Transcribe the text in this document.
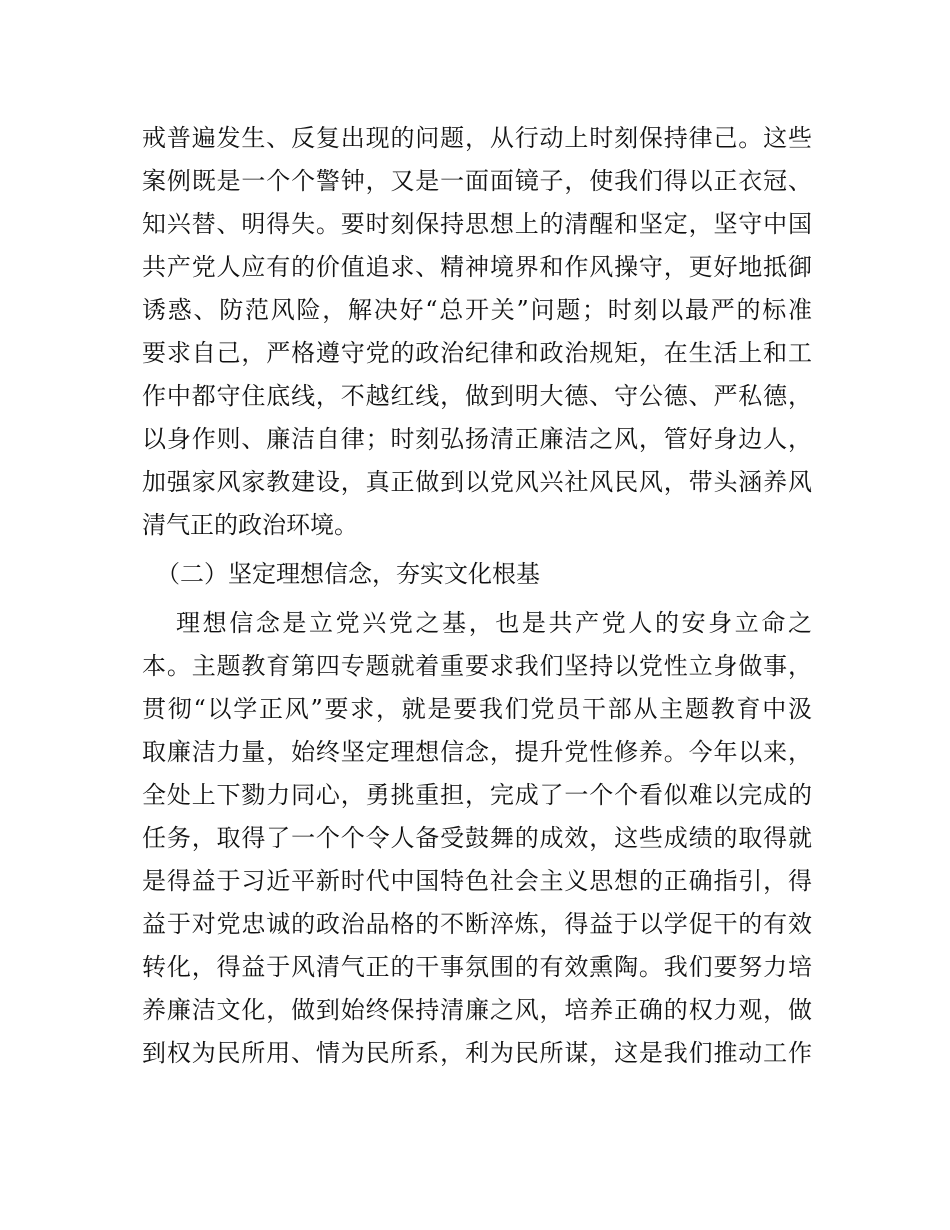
戒普遍发生、反复出现的问题，从行动上时刻保持律己。这些
案例既是一个个警钟，又是一面面镜子，使我们得以正衣冠、
知兴替、明得失。要时刻保持思想上的清醒和坚定，坚守中国
共产党人应有的价值追求、精神境界和作风操守，更好地抵御
诱惑、防范风险，解决好“总开关”问题；时刻以最严的标准
要求自己，严格遵守党的政治纪律和政治规矩，在生活上和工
作中都守住底线，不越红线，做到明大德、守公德、严私德，
以身作则、廉洁自律；时刻弘扬清正廉洁之风，管好身边人，
加强家风家教建设，真正做到以党风兴社风民风，带头涵养风
清气正的政治环境。
（二）坚定理想信念，夯实文化根基
理想信念是立党兴党之基，也是共产党人的安身立命之
本。主题教育第四专题就着重要求我们坚持以党性立身做事，
贯彻“以学正风”要求，就是要我们党员干部从主题教育中汲
取廉洁力量，始终坚定理想信念，提升党性修养。今年以来，
全处上下勠力同心，勇挑重担，完成了一个个看似难以完成的
任务，取得了一个个令人备受鼓舞的成效，这些成绩的取得就
是得益于习近平新时代中国特色社会主义思想的正确指引，得
益于对党忠诚的政治品格的不断淬炼，得益于以学促干的有效
转化，得益于风清气正的干事氛围的有效熏陶。我们要努力培
养廉洁文化，做到始终保持清廉之风，培养正确的权力观，做
到权为民所用、情为民所系，利为民所谋，这是我们推动工作
